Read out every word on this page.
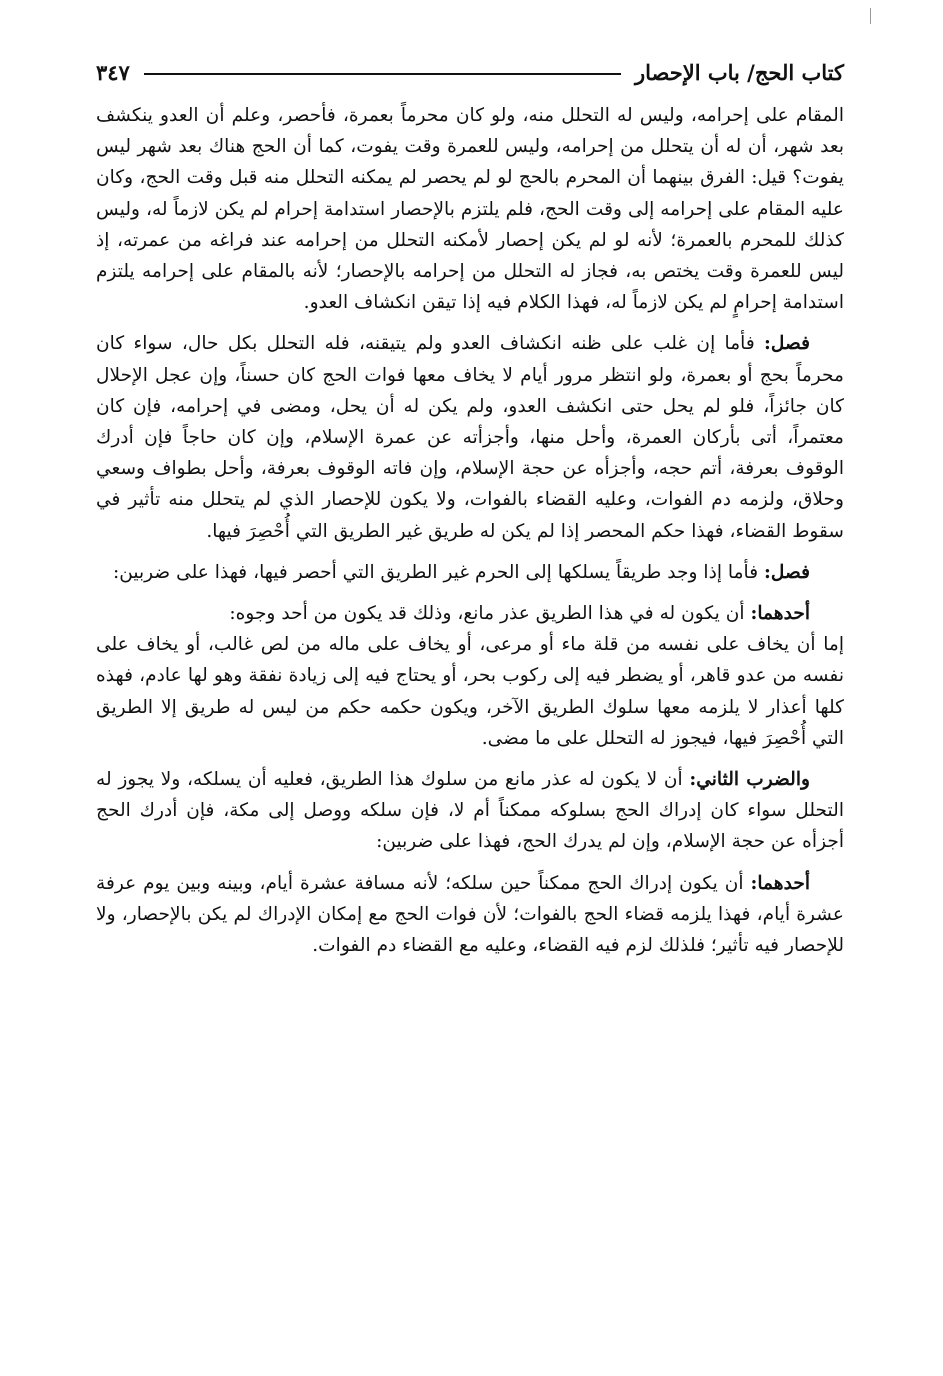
كتاب الحج/ باب الإحصار
٣٤٧

المقام على إحرامه، وليس له التحلل منه، ولو كان محرماً بعمرة، فأحصر، وعلم أن العدو ينكشف بعد شهر، أن له أن يتحلل من إحرامه، وليس للعمرة وقت يفوت، كما أن الحج هناك بعد شهر ليس يفوت؟ قيل: الفرق بينهما أن المحرم بالحج لو لم يحصر لم يمكنه التحلل منه قبل وقت الحج، وكان عليه المقام على إحرامه إلى وقت الحج، فلم يلتزم بالإحصار استدامة إحرام لم يكن لازماً له، وليس كذلك للمحرم بالعمرة؛ لأنه لو لم يكن إحصار لأمكنه التحلل من إحرامه عند فراغه من عمرته، إذ ليس للعمرة وقت يختص به، فجاز له التحلل من إحرامه بالإحصار؛ لأنه بالمقام على إحرامه يلتزم استدامة إحرامٍ لم يكن لازماً له، فهذا الكلام فيه إذا تيقن انكشاف العدو.

فصل: فأما إن غلب على ظنه انكشاف العدو ولم يتيقنه، فله التحلل بكل حال، سواء كان محرماً بحج أو بعمرة، ولو انتظر مرور أيام لا يخاف معها فوات الحج كان حسناً، وإن عجل الإحلال كان جائزاً، فلو لم يحل حتى انكشف العدو، ولم يكن له أن يحل، ومضى في إحرامه، فإن كان معتمراً، أتى بأركان العمرة، وأحل منها، وأجزأته عن عمرة الإسلام، وإن كان حاجاً فإن أدرك الوقوف بعرفة، أتم حجه، وأجزأه عن حجة الإسلام، وإن فاته الوقوف بعرفة، وأحل بطواف وسعي وحلاق، ولزمه دم الفوات، وعليه القضاء بالفوات، ولا يكون للإحصار الذي لم يتحلل منه تأثير في سقوط القضاء، فهذا حكم المحصر إذا لم يكن له طريق غير الطريق التي أُحْصِرَ فيها.

فصل: فأما إذا وجد طريقاً يسلكها إلى الحرم غير الطريق التي أحصر فيها، فهذا على ضربين:

أحدهما: أن يكون له في هذا الطريق عذر مانع، وذلك قد يكون من أحد وجوه:

إما أن يخاف على نفسه من قلة ماء أو مرعى، أو يخاف على ماله من لص غالب، أو يخاف على نفسه من عدو قاهر، أو يضطر فيه إلى ركوب بحر، أو يحتاج فيه إلى زيادة نفقة وهو لها عادم، فهذه كلها أعذار لا يلزمه معها سلوك الطريق الآخر، ويكون حكمه حكم من ليس له طريق إلا الطريق التي أُحْصِرَ فيها، فيجوز له التحلل على ما مضى.

والضرب الثاني: أن لا يكون له عذر مانع من سلوك هذا الطريق، فعليه أن يسلكه، ولا يجوز له التحلل سواء كان إدراك الحج بسلوكه ممكناً أم لا، فإن سلكه ووصل إلى مكة، فإن أدرك الحج أجزأه عن حجة الإسلام، وإن لم يدرك الحج، فهذا على ضربين:

أحدهما: أن يكون إدراك الحج ممكناً حين سلكه؛ لأنه مسافة عشرة أيام، وبينه وبين يوم عرفة عشرة أيام، فهذا يلزمه قضاء الحج بالفوات؛ لأن فوات الحج مع إمكان الإدراك لم يكن بالإحصار، ولا للإحصار فيه تأثير؛ فلذلك لزم فيه القضاء، وعليه مع القضاء دم الفوات.
